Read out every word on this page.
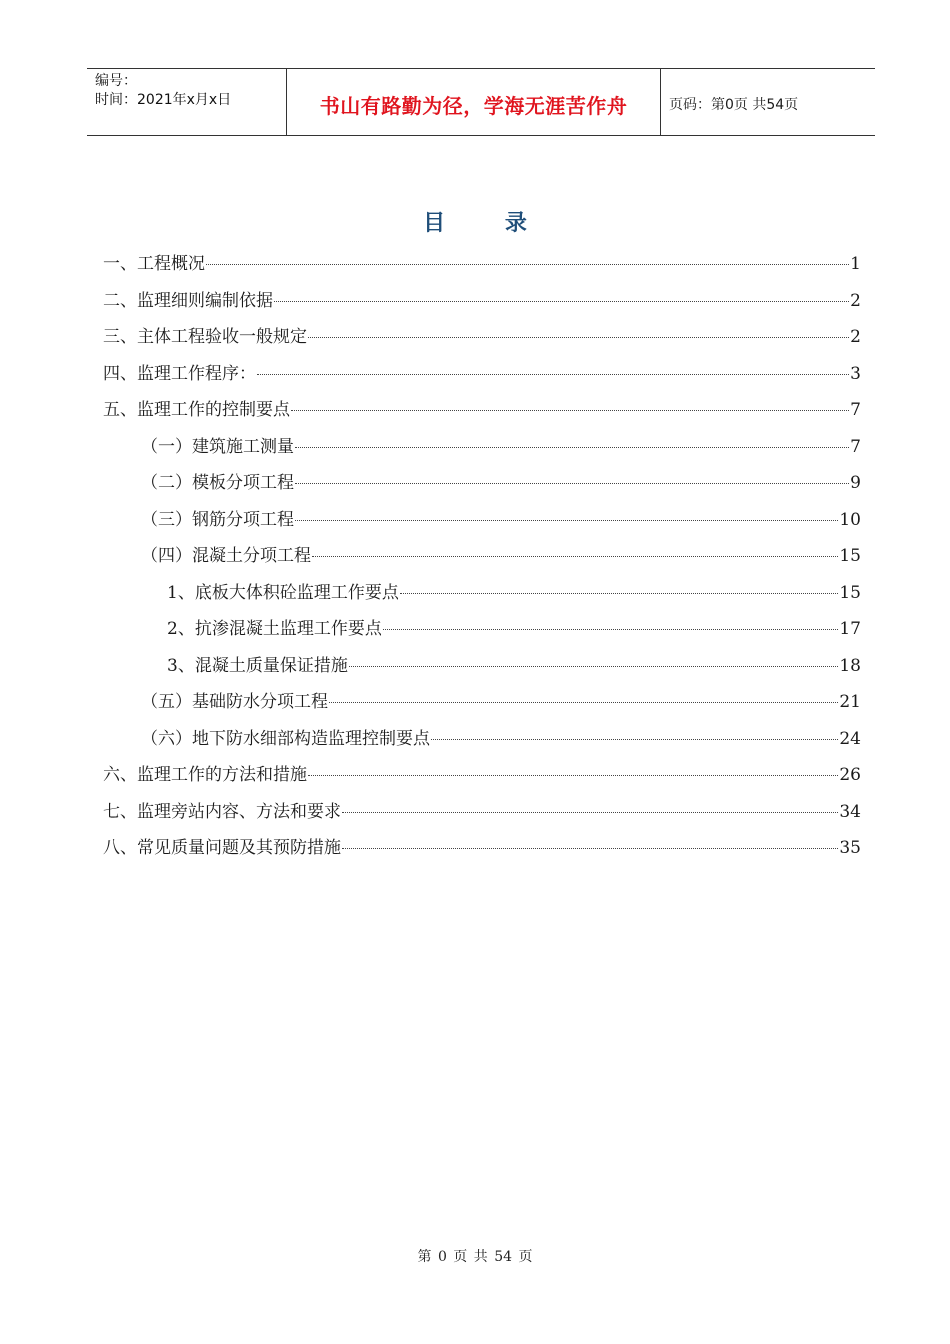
编号：
时间：2021年x月x日	书山有路勤为径，学海无涯苦作舟	页码：第0页 共54页
目 录
一、工程概况	1
二、监理细则编制依据	2
三、主体工程验收一般规定	2
四、监理工作程序：	3
五、监理工作的控制要点	7
（一）建筑施工测量	7
（二）模板分项工程	9
（三）钢筋分项工程	10
（四）混凝土分项工程	15
1、底板大体积砼监理工作要点	15
2、抗渗混凝土监理工作要点	17
3、混凝土质量保证措施	18
（五）基础防水分项工程	21
（六）地下防水细部构造监理控制要点	24
六、监理工作的方法和措施	26
七、监理旁站内容、方法和要求	34
八、常见质量问题及其预防措施	35
第 0 页 共 54 页
